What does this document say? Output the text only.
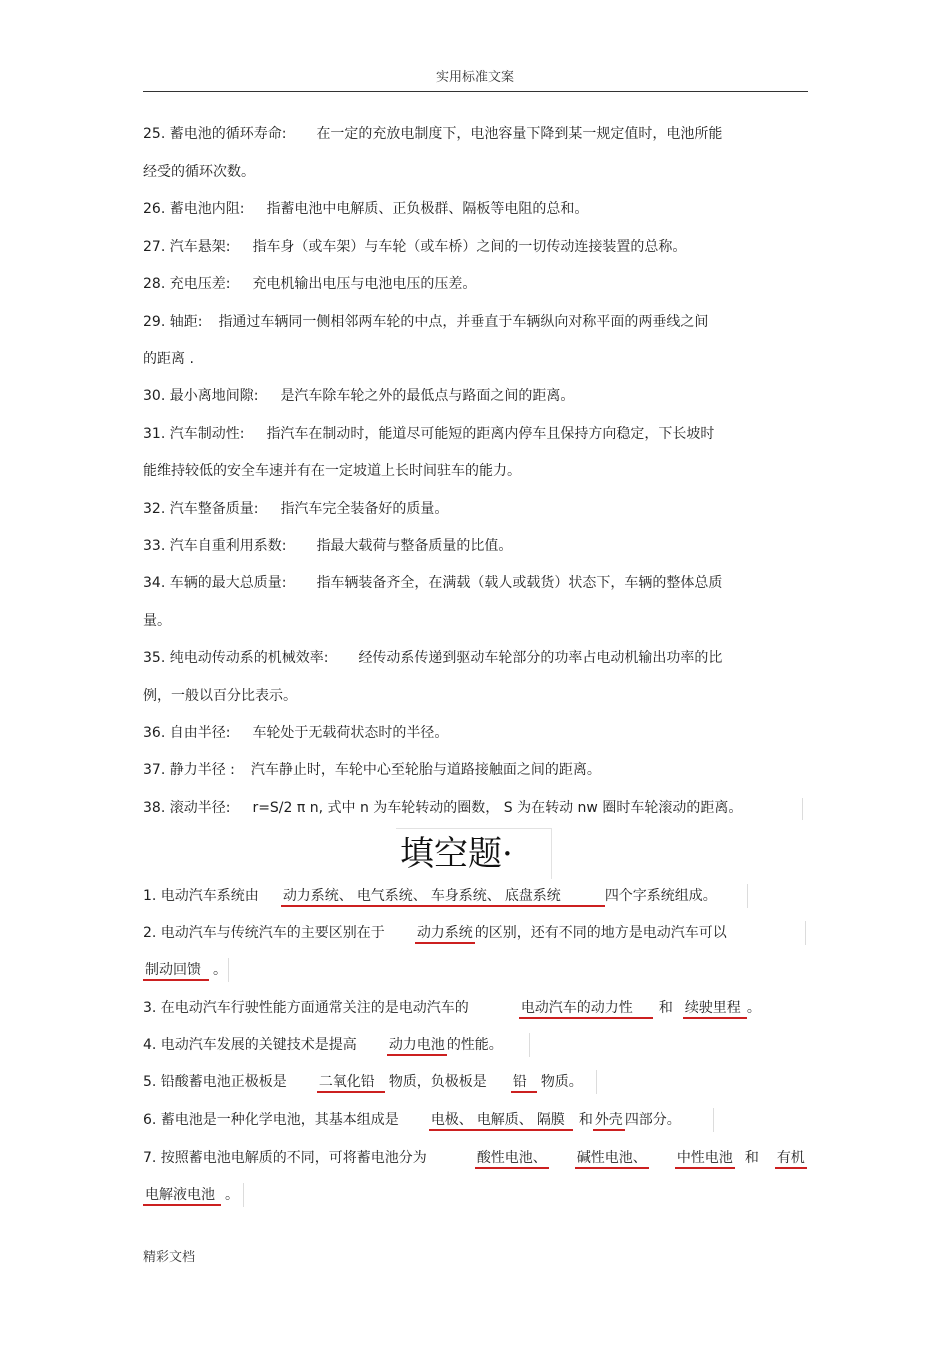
实用标准文案
25. 蓄电池的循环寿命: 在一定的充放电制度下，电池容量下降到某一规定值时，电池所能
经受的循环次数。
26. 蓄电池内阻: 指蓄电池中电解质、正负极群、隔板等电阻的总和。
27. 汽车悬架: 指车身（或车架）与车轮（或车桥）之间的一切传动连接装置的总称。
28. 充电压差: 充电机输出电压与电池电压的压差。
29. 轴距: 指通过车辆同一侧相邻两车轮的中点，并垂直于车辆纵向对称平面的两垂线之间
的距离 .
30. 最小离地间隙: 是汽车除车轮之外的最低点与路面之间的距离。
31. 汽车制动性: 指汽车在制动时，能道尽可能短的距离内停车且保持方向稳定，下长坡时
能维持较低的安全车速并有在一定坡道上长时间驻车的能力。
32. 汽车整备质量: 指汽车完全装备好的质量。
33. 汽车自重利用系数: 指最大载荷与整备质量的比值。
34. 车辆的最大总质量: 指车辆装备齐全，在满载（载人或载货）状态下，车辆的整体总质
量。
35. 纯电动传动系的机械效率: 经传动系传递到驱动车轮部分的功率占电动机输出功率的比
例，一般以百分比表示。
36. 自由半径: 车轮处于无载荷状态时的半径。
37. 静力半径 : 汽车静止时，车轮中心至轮胎与道路接触面之间的距离。
38. 滚动半径: r=S/2 π n, 式中 n 为车轮转动的圈数， S 为在转动 nw 圈时车轮滚动的距离。
填空题·
1. 电动汽车系统由 动力系统、 电气系统、 车身系统、 底盘系统	四个字系统组成。
2. 电动汽车与传统汽车的主要区别在于 动力系统 的区别，还有不同的地方是电动汽车可以
制动回馈 。
3. 在电动汽车行驶性能方面通常关注的是电动汽车的	电动汽车的动力性 和 续驶里程 。
4. 电动汽车发展的关键技术是提高 动力电池 的性能。
5. 铅酸蓄电池正极板是 二氧化铅 物质，负极板是 铅 物质。
6. 蓄电池是一种化学电池，其基本组成是 电极、 电解质、 隔膜 和 外壳 四部分。
7. 按照蓄电池电解质的不同，可将蓄电池分为	酸性电池、 碱性电池、 中性电池 和 有机
电解液电池 。
精彩文档
